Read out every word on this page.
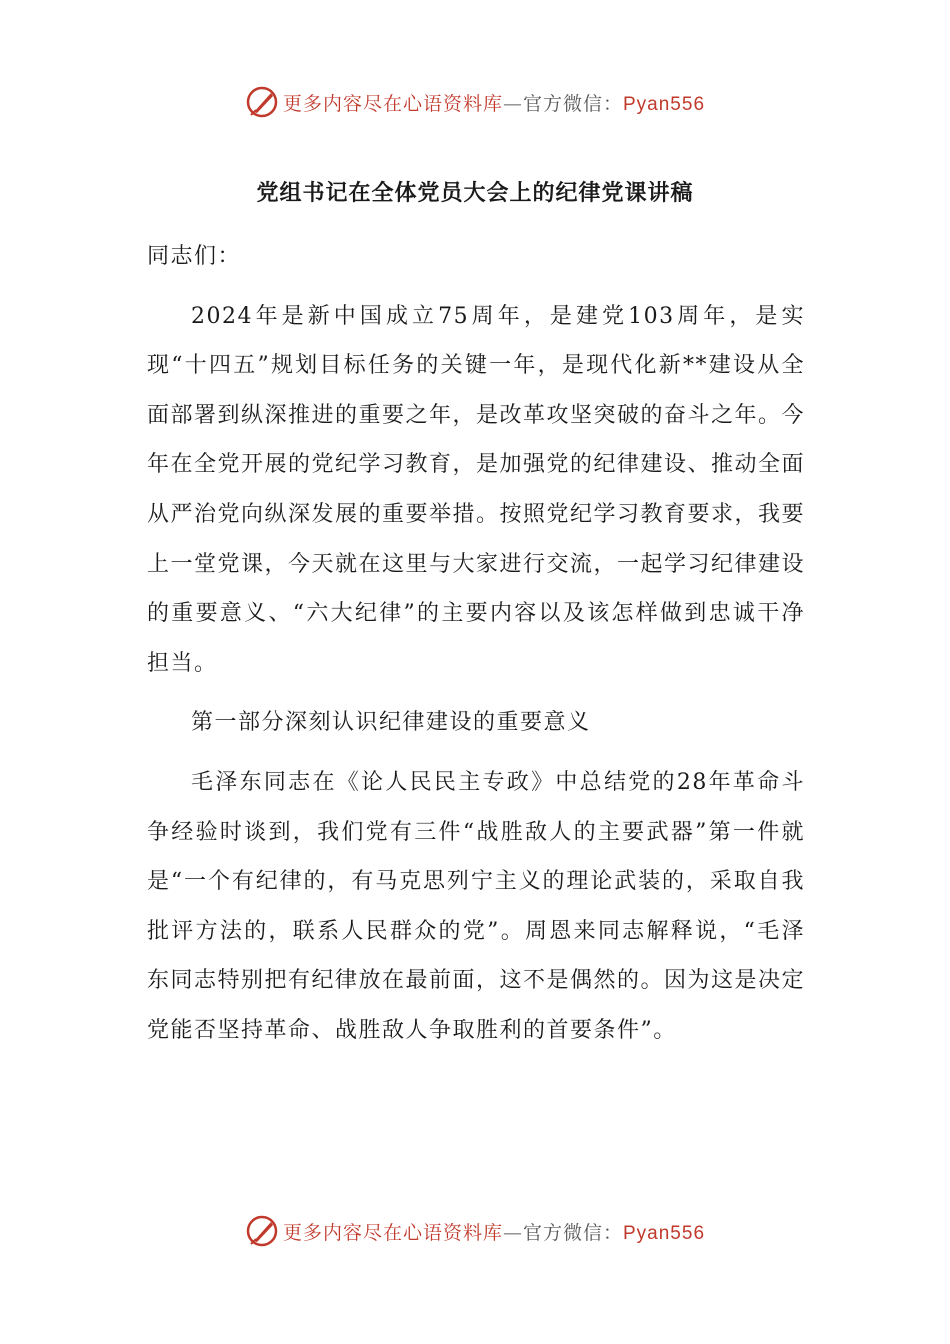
更多内容尽在心语资料库—官方微信：Pyan556
党组书记在全体党员大会上的纪律党课讲稿

同志们：

2024年是新中国成立75周年，是建党103周年，是实现“十四五”规划目标任务的关键一年，是现代化新**建设从全面部署到纵深推进的重要之年，是改革攻坚突破的奋斗之年。今年在全党开展的党纪学习教育，是加强党的纪律建设、推动全面从严治党向纵深发展的重要举措。按照党纪学习教育要求，我要上一堂党课，今天就在这里与大家进行交流，一起学习纪律建设的重要意义、“六大纪律”的主要内容以及该怎样做到忠诚干净担当。

第一部分深刻认识纪律建设的重要意义

毛泽东同志在《论人民民主专政》中总结党的28年革命斗争经验时谈到，我们党有三件“战胜敌人的主要武器”第一件就是“一个有纪律的，有马克思列宁主义的理论武装的，采取自我批评方法的，联系人民群众的党”。周恩来同志解释说，“毛泽东同志特别把有纪律放在最前面，这不是偶然的。因为这是决定党能否坚持革命、战胜敌人争取胜利的首要条件”。

更多内容尽在心语资料库—官方微信：Pyan556
